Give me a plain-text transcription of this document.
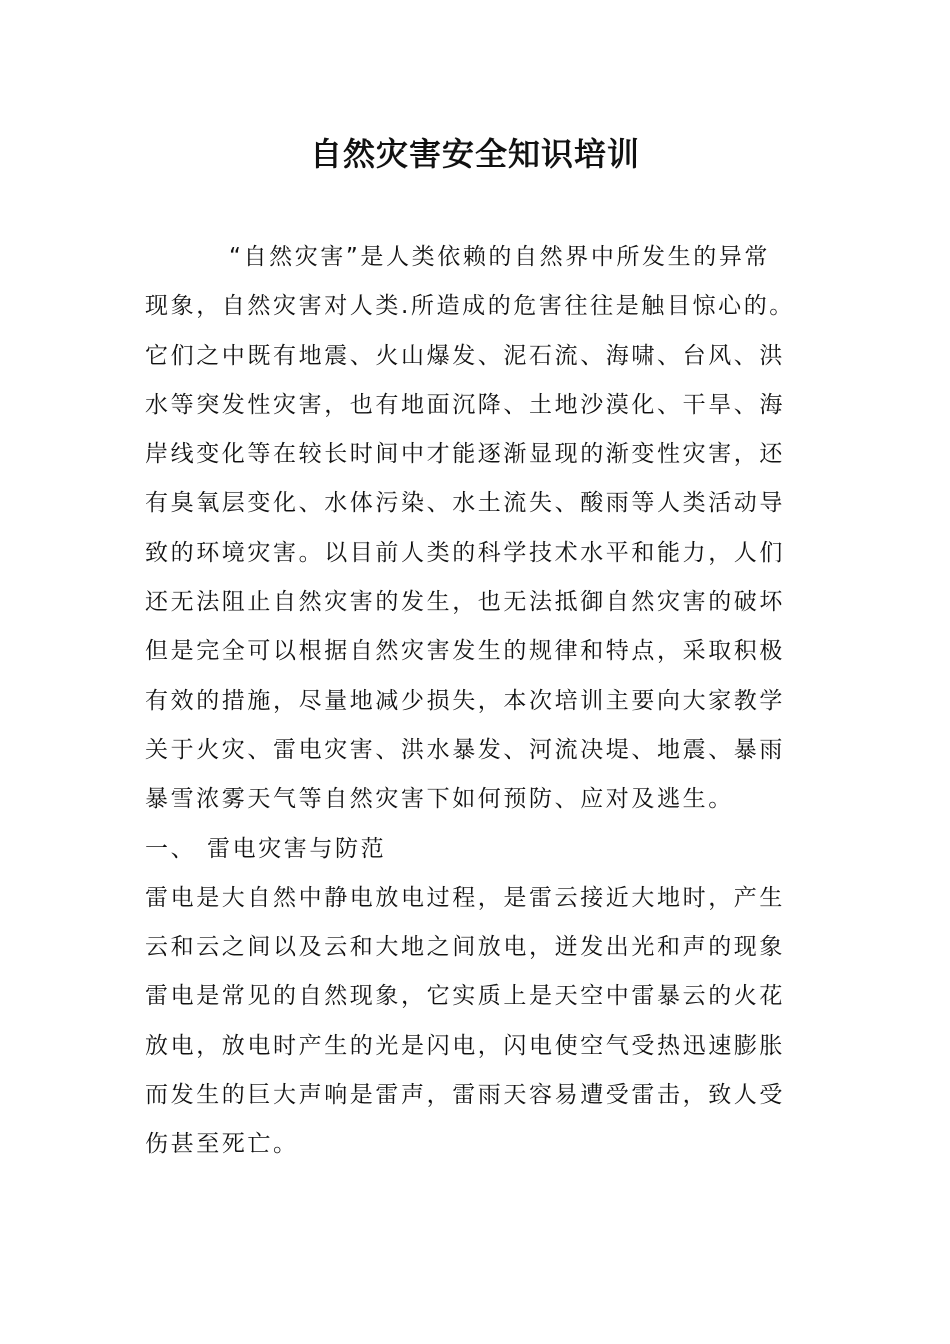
自然灾害安全知识培训
“自然灾害”是人类依赖的自然界中所发生的异常
现象，自然灾害对人类.所造成的危害往往是触目惊心的。
它们之中既有地震、火山爆发、泥石流、海啸、台风、洪
水等突发性灾害，也有地面沉降、土地沙漠化、干旱、海
岸线变化等在较长时间中才能逐渐显现的渐变性灾害，还
有臭氧层变化、水体污染、水土流失、酸雨等人类活动导
致的环境灾害。以目前人类的科学技术水平和能力，人们
还无法阻止自然灾害的发生，也无法抵御自然灾害的破坏
但是完全可以根据自然灾害发生的规律和特点，采取积极
有效的措施，尽量地减少损失，本次培训主要向大家教学
关于火灾、雷电灾害、洪水暴发、河流决堤、地震、暴雨
暴雪浓雾天气等自然灾害下如何预防、应对及逃生。
一、 雷电灾害与防范
雷电是大自然中静电放电过程，是雷云接近大地时，产生
云和云之间以及云和大地之间放电，迸发出光和声的现象
雷电是常见的自然现象，它实质上是天空中雷暴云的火花
放电，放电时产生的光是闪电，闪电使空气受热迅速膨胀
而发生的巨大声响是雷声，雷雨天容易遭受雷击，致人受
伤甚至死亡。
